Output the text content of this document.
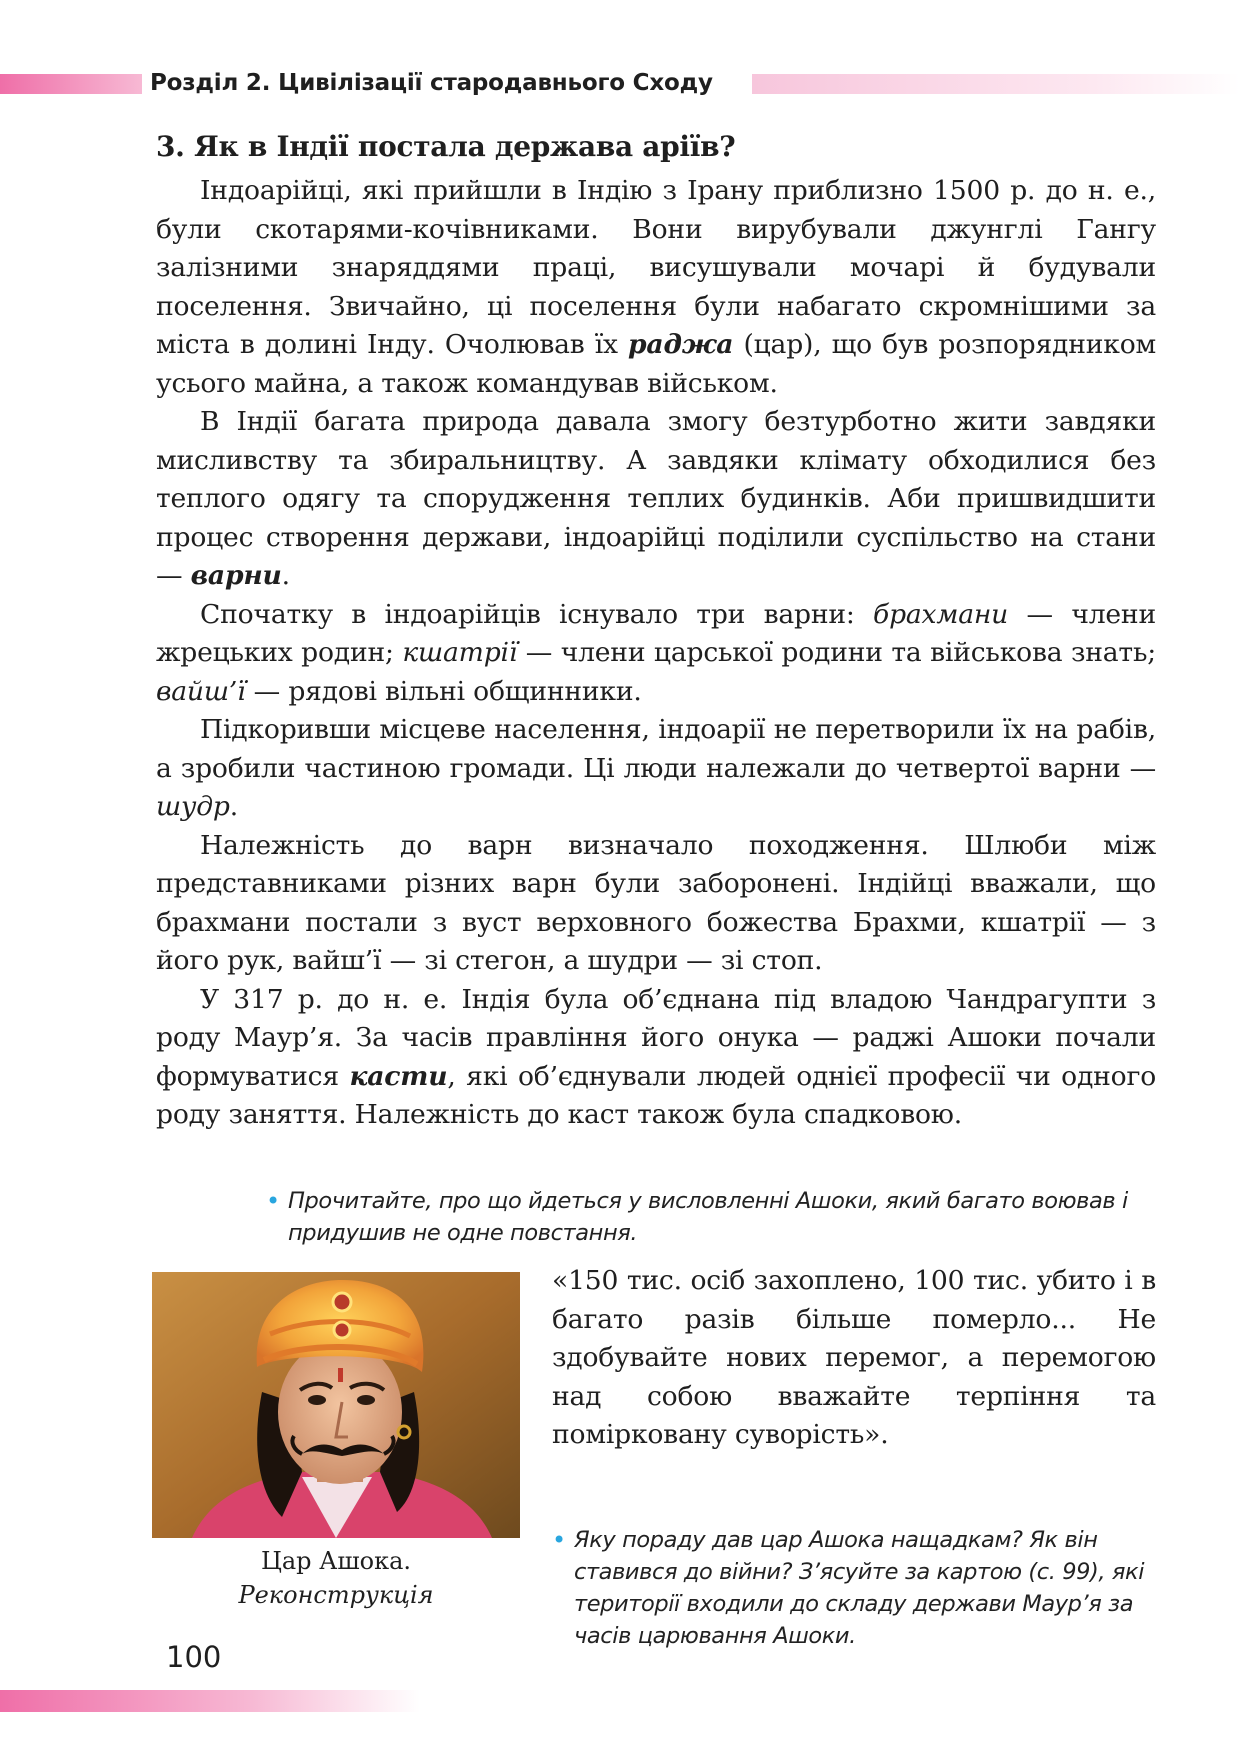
Розділ 2. Цивілізації стародавнього Сходу
3. Як в Індії постала держава аріїв?

Індоарійці, які прийшли в Індію з Ірану приблизно 1500 р. до н. е., були скотарями-кочівниками. Вони вирубували джунглі Гангу залізними знаряддями праці, висушували мочарі й будували поселення. Звичайно, ці поселення були набагато скромнішими за міста в долині Інду. Очолював їх раджа (цар), що був розпорядником усього майна, а також командував військом.

В Індії багата природа давала змогу безтурботно жити завдяки мисливству та збиральництву. А завдяки клімату обходилися без теплого одягу та спорудження теплих будинків. Аби пришвидшити процес створення держави, індоарійці поділили суспільство на стани — варни.

Спочатку в індоарійців існувало три варни: брахмани — члени жрецьких родин; кшатрії — члени царської родини та військова знать; вайш’ї — рядові вільні общинники.

Підкоривши місцеве населення, індоарії не перетворили їх на рабів, а зробили частиною громади. Ці люди належали до четвертої варни — шудр.

Належність до варн визначало походження. Шлюби між представниками різних варн були заборонені. Індійці вважали, що брахмани постали з вуст верховного божества Брахми, кшатрії — з його рук, вайш’ї — зі стегон, а шудри — зі стоп.

У 317 р. до н. е. Індія була об’єднана під владою Чандрагупти з роду Маур’я. За часів правління його онука — раджі Ашоки почали формуватися касти, які об’єднували людей однієї професії чи одного роду заняття. Належність до каст також була спадковою.

• Прочитайте, про що йдеться у висловленні Ашоки, який багато воював і придушив не одне повстання.
Цар Ашока.
Реконструкція
«150 тис. осіб захоплено, 100 тис. убито і в багато разів більше померло... Не здобувайте нових перемог, а перемогою над собою вважайте терпіння та помірковану суворість».
• Яку пораду дав цар Ашока нащадкам? Як він ставився до війни? З’ясуйте за картою (с. 99), які території входили до складу держави Маур’я за часів царювання Ашоки.
100
